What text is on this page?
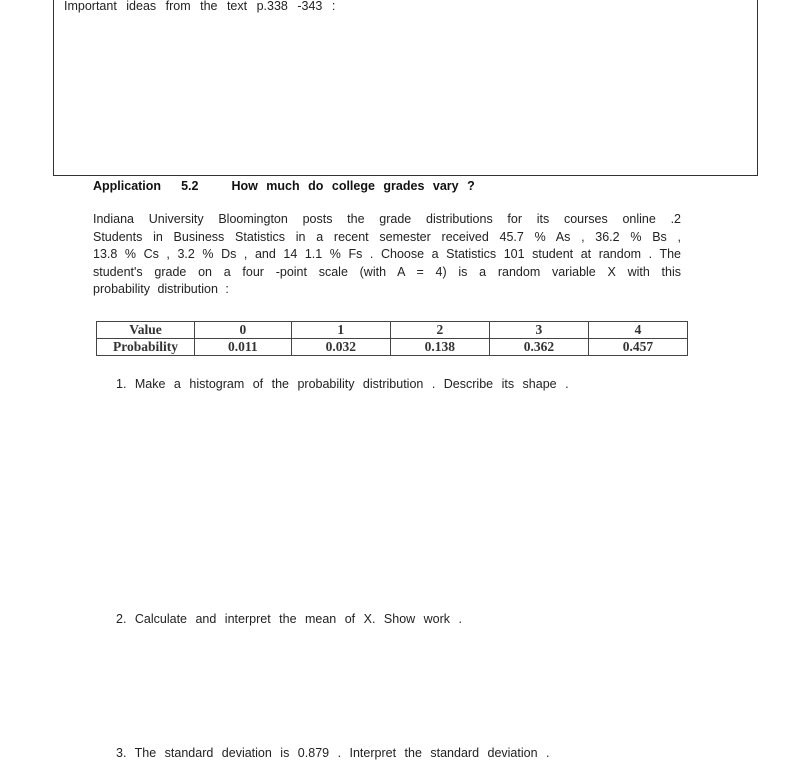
Important ideas from the text p.338 -343 :
Application 5.2	How much do college grades vary ?
Indiana University Bloomington posts the grade distributions for its courses online .2
Students in Business Statistics in a recent semester received 45.7 % As , 36.2 % Bs ,
13.8 % Cs , 3.2 % Ds , and 14 1.1 % Fs . Choose a Statistics 101 student at random . The
student's grade on a four -point scale (with A = 4) is a random variable X with this
probability distribution :
Value	0	1	2	3	4
Probability	0.011	0.032	0.138	0.362	0.457
1. Make a histogram of the probability distribution . Describe its shape .
2. Calculate and interpret the mean of X. Show work .
3. The standard deviation is 0.879 . Interpret the standard deviation .
